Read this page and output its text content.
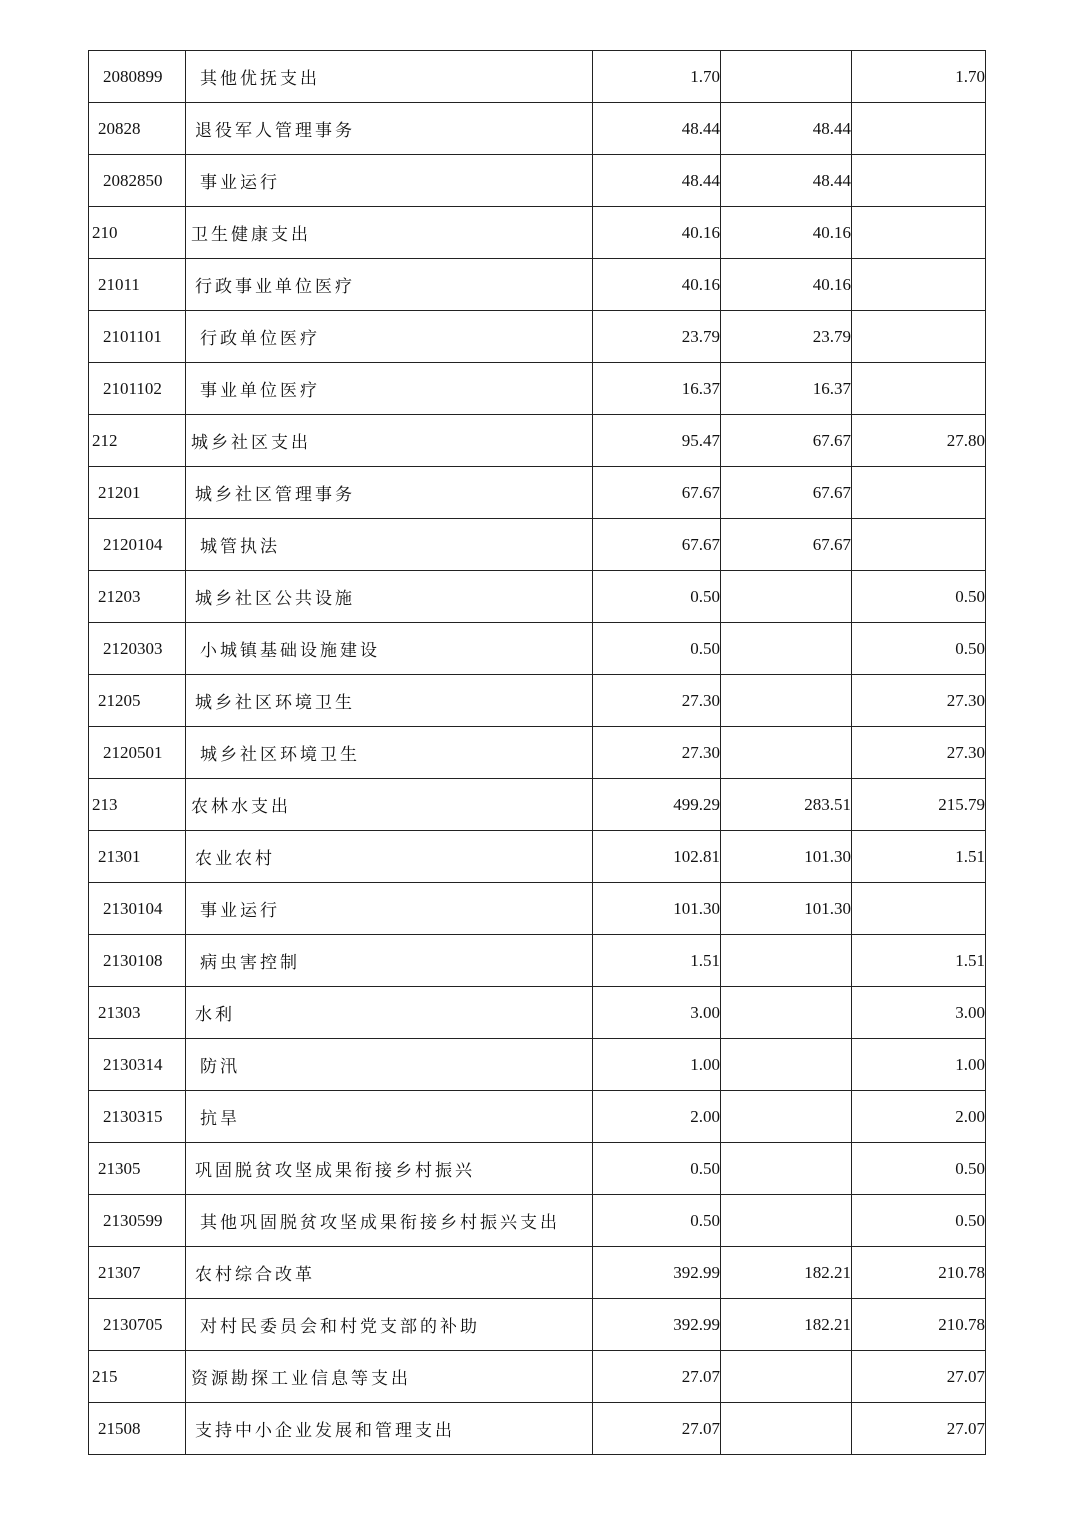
2080899	其他优抚支出	1.70		1.70
20828	退役军人管理事务	48.44	48.44	
2082850	事业运行	48.44	48.44	
210	卫生健康支出	40.16	40.16	
21011	行政事业单位医疗	40.16	40.16	
2101101	行政单位医疗	23.79	23.79	
2101102	事业单位医疗	16.37	16.37	
212	城乡社区支出	95.47	67.67	27.80
21201	城乡社区管理事务	67.67	67.67	
2120104	城管执法	67.67	67.67	
21203	城乡社区公共设施	0.50		0.50
2120303	小城镇基础设施建设	0.50		0.50
21205	城乡社区环境卫生	27.30		27.30
2120501	城乡社区环境卫生	27.30		27.30
213	农林水支出	499.29	283.51	215.79
21301	农业农村	102.81	101.30	1.51
2130104	事业运行	101.30	101.30	
2130108	病虫害控制	1.51		1.51
21303	水利	3.00		3.00
2130314	防汛	1.00		1.00
2130315	抗旱	2.00		2.00
21305	巩固脱贫攻坚成果衔接乡村振兴	0.50		0.50
2130599	其他巩固脱贫攻坚成果衔接乡村振兴支出	0.50		0.50
21307	农村综合改革	392.99	182.21	210.78
2130705	对村民委员会和村党支部的补助	392.99	182.21	210.78
215	资源勘探工业信息等支出	27.07		27.07
21508	支持中小企业发展和管理支出	27.07		27.07
